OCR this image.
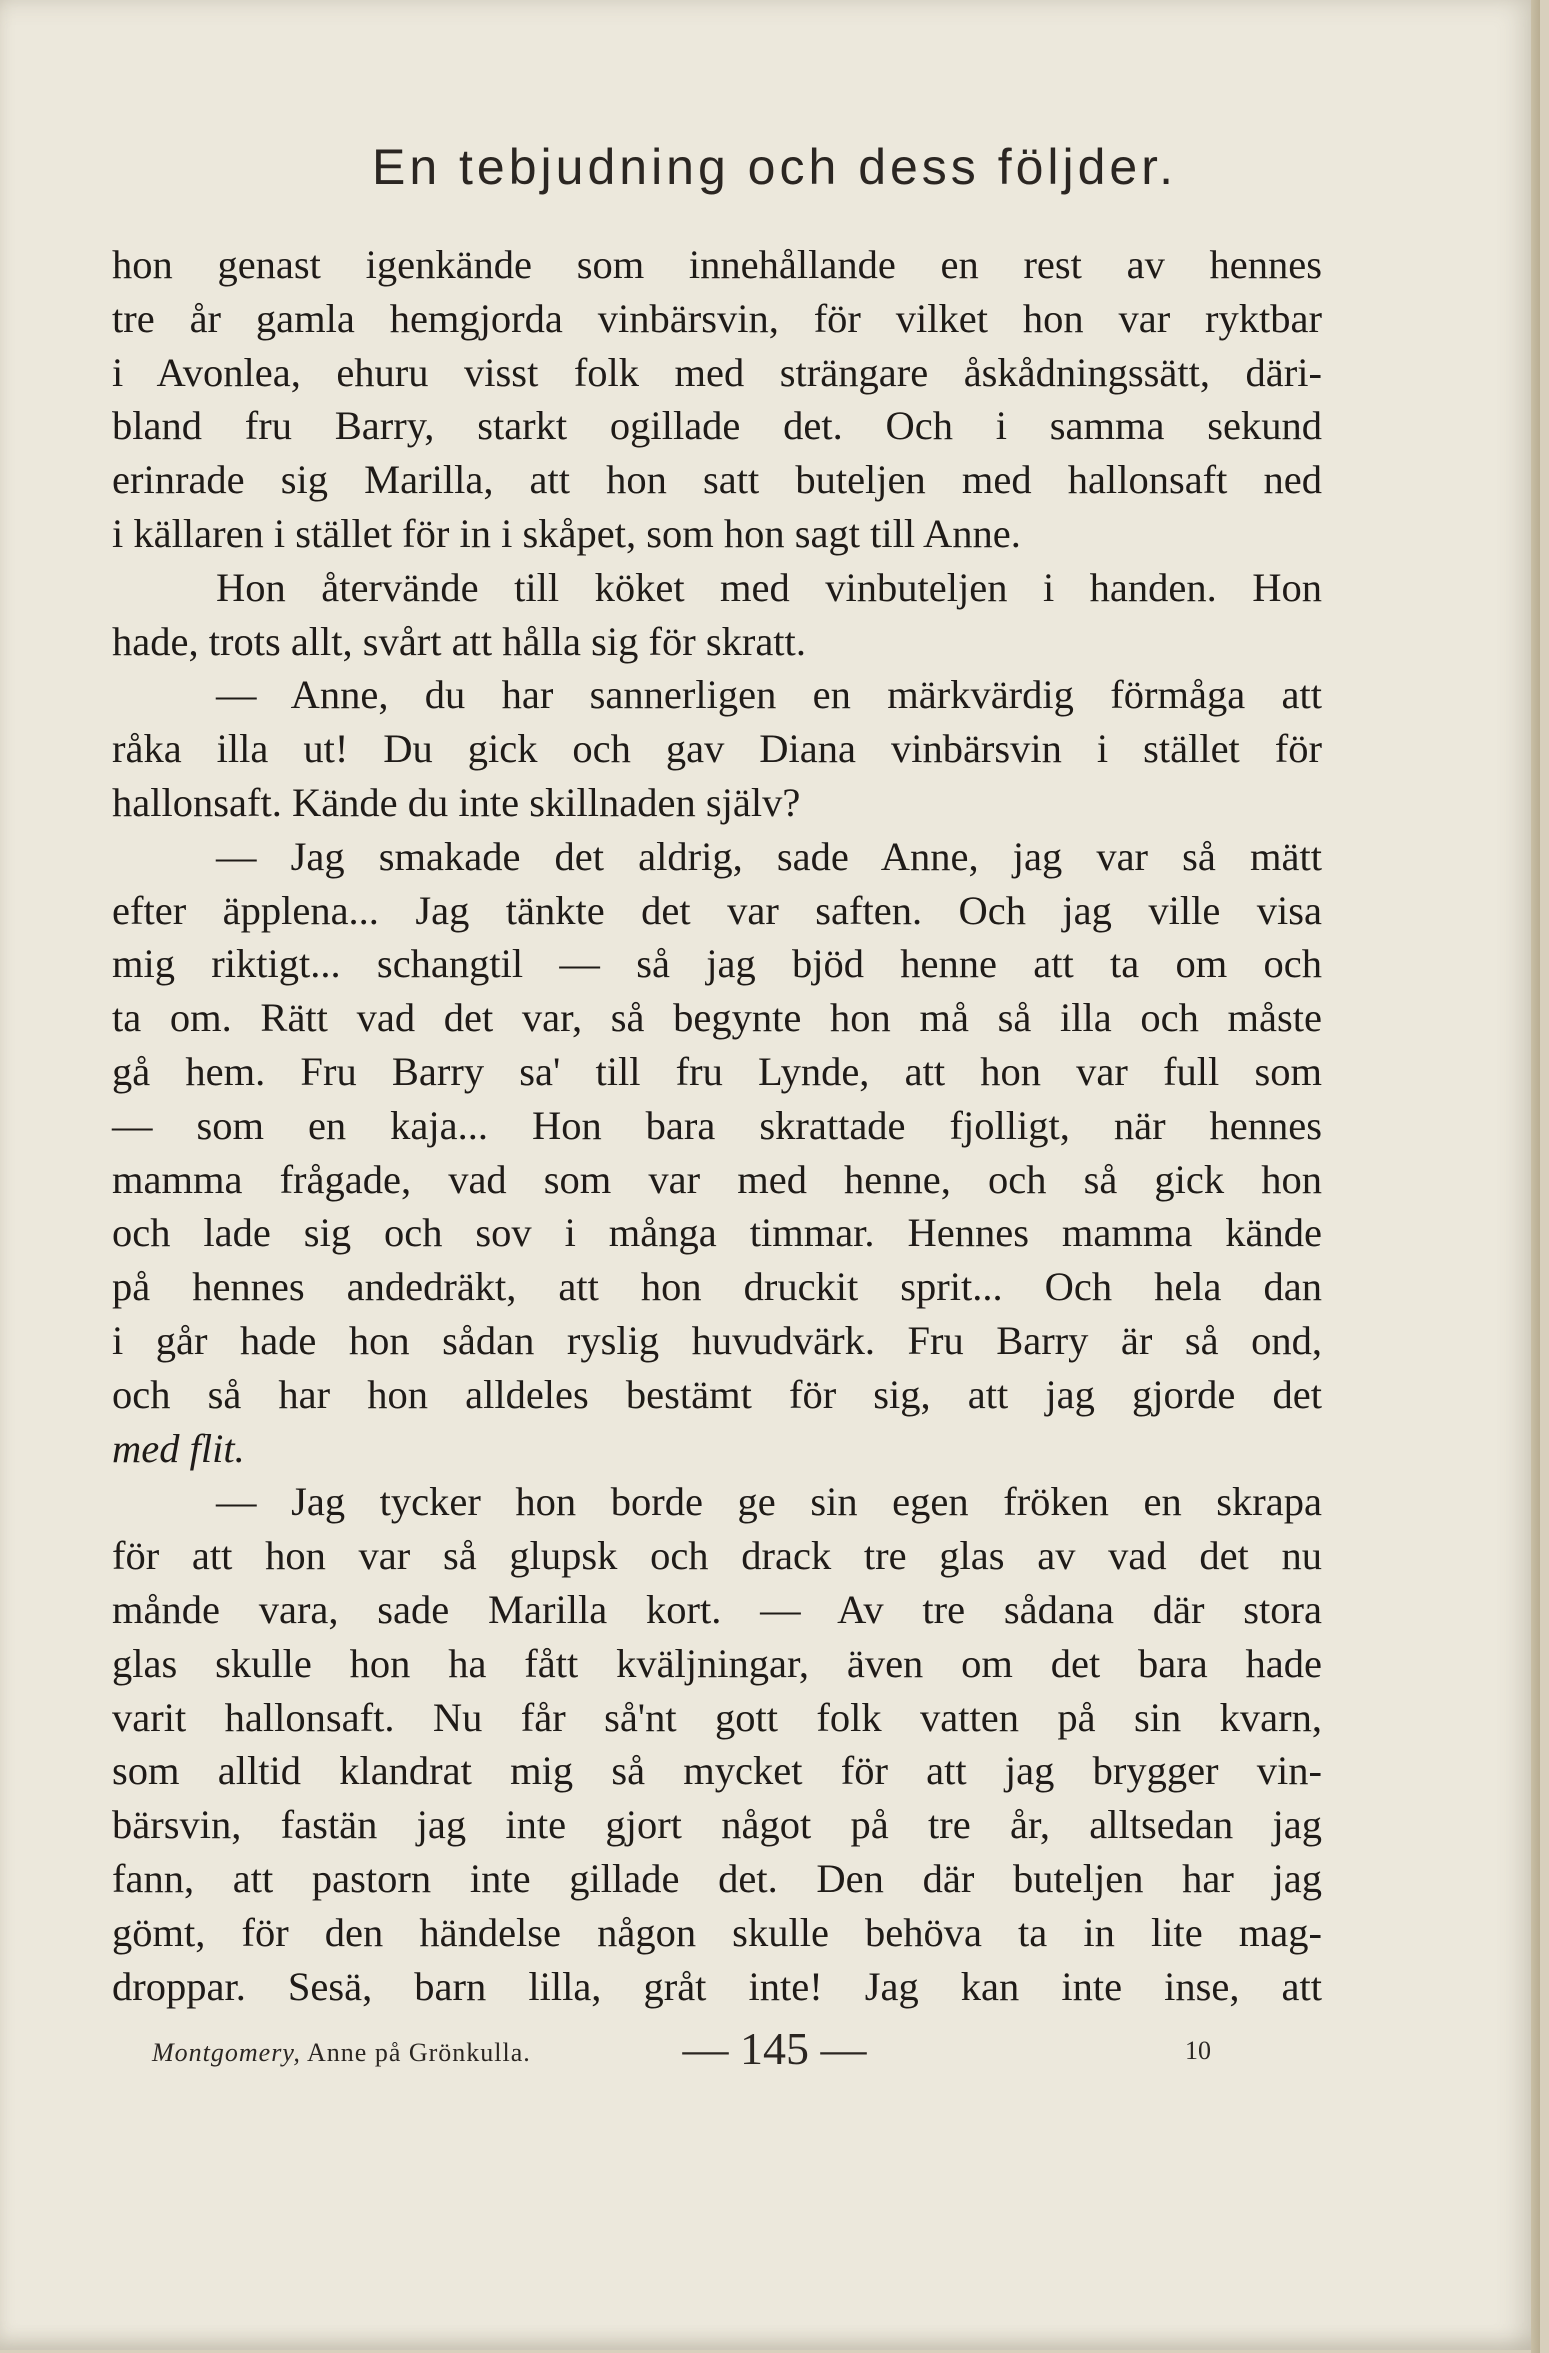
En tebjudning och dess följder.
hon genast igenkände som innehållande en rest av hennes
tre år gamla hemgjorda vinbärsvin, för vilket hon var ryktbar
i Avonlea, ehuru visst folk med strängare åskådningssätt, däri-
bland fru Barry, starkt ogillade det. Och i samma sekund
erinrade sig Marilla, att hon satt buteljen med hallonsaft ned
i källaren i stället för in i skåpet, som hon sagt till Anne.
Hon återvände till köket med vinbuteljen i handen. Hon
hade, trots allt, svårt att hålla sig för skratt.
— Anne, du har sannerligen en märkvärdig förmåga att
råka illa ut! Du gick och gav Diana vinbärsvin i stället för
hallonsaft. Kände du inte skillnaden själv?
— Jag smakade det aldrig, sade Anne, jag var så mätt
efter äpplena... Jag tänkte det var saften. Och jag ville visa
mig riktigt... schangtil — så jag bjöd henne att ta om och
ta om. Rätt vad det var, så begynte hon må så illa och måste
gå hem. Fru Barry sa' till fru Lynde, att hon var full som
— som en kaja... Hon bara skrattade fjolligt, när hennes
mamma frågade, vad som var med henne, och så gick hon
och lade sig och sov i många timmar. Hennes mamma kände
på hennes andedräkt, att hon druckit sprit... Och hela dan
i går hade hon sådan ryslig huvudvärk. Fru Barry är så ond,
och så har hon alldeles bestämt för sig, att jag gjorde det
med flit.
— Jag tycker hon borde ge sin egen fröken en skrapa
för att hon var så glupsk och drack tre glas av vad det nu
månde vara, sade Marilla kort. — Av tre sådana där stora
glas skulle hon ha fått kväljningar, även om det bara hade
varit hallonsaft. Nu får så'nt gott folk vatten på sin kvarn,
som alltid klandrat mig så mycket för att jag brygger vin-
bärsvin, fastän jag inte gjort något på tre år, alltsedan jag
fann, att pastorn inte gillade det. Den där buteljen har jag
gömt, för den händelse någon skulle behöva ta in lite mag-
droppar. Sesä, barn lilla, gråt inte! Jag kan inte inse, att
Montgomery, Anne på Grönkulla.	— 145 —	10
